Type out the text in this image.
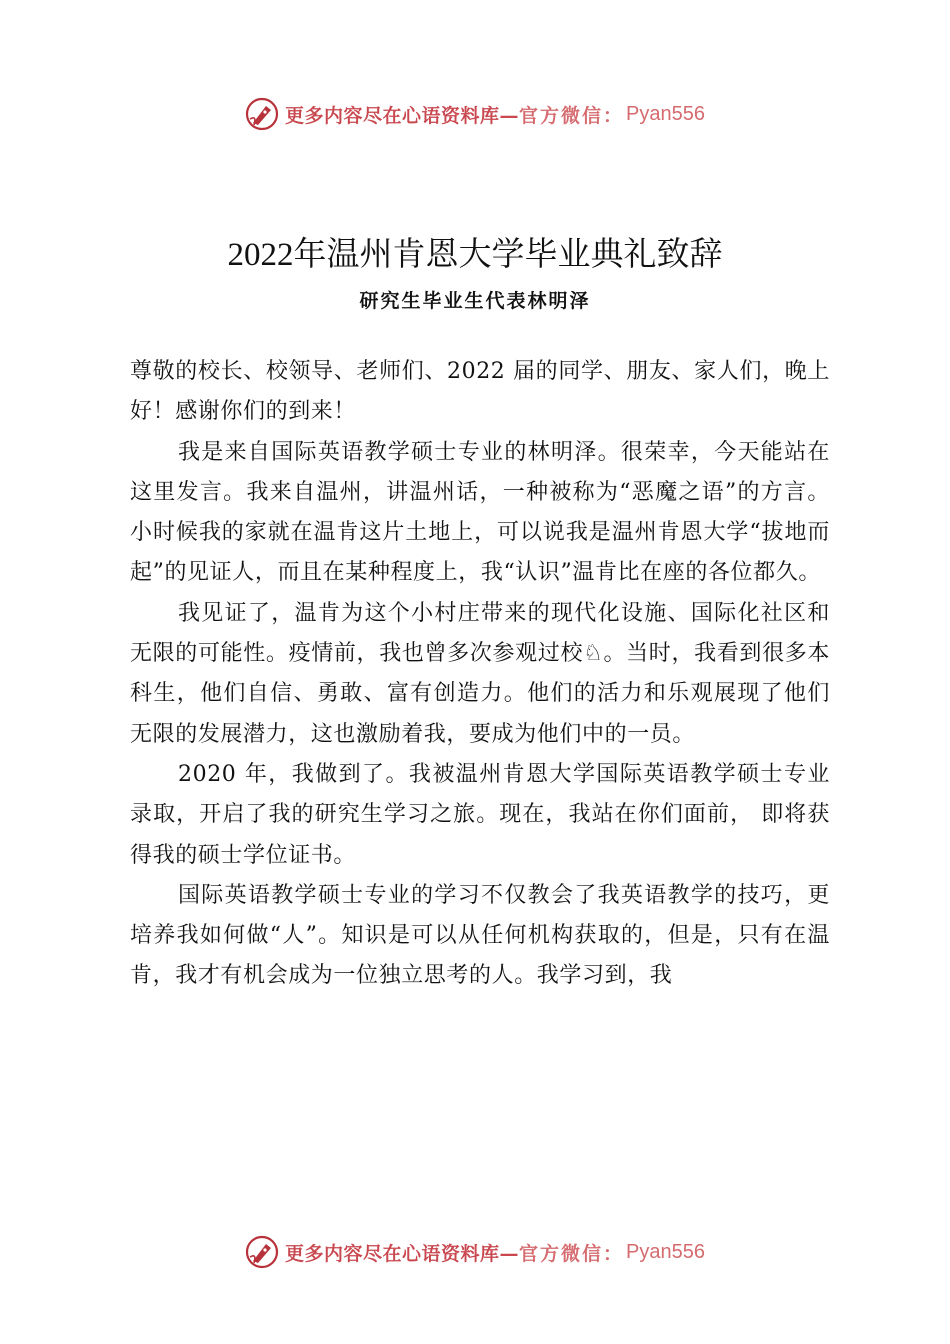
更多内容尽在心语资料库— 官方微信： Pyan556
2022年温州肯恩大学毕业典礼致辞
研究生毕业生代表林明泽

尊敬的校长、校领导、老师们、2022 届的同学、朋友、家人们，晚上好！感谢你们的到来！

我是来自国际英语教学硕士专业的林明泽。很荣幸，今天能站在这里发言。我来自温州，讲温州话，一种被称为“恶魔之语”的方言。小时候我的家就在温肯这片土地上，可以说我是温州肯恩大学“拔地而起”的见证人，而且在某种程度上，我“认识”温肯比在座的各位都久。

我见证了，温肯为这个小村庄带来的现代化设施、国际化社区和无限的可能性。疫情前，我也曾多次参观过校♘。当时，我看到很多本科生，他们自信、勇敢、富有创造力。他们的活力和乐观展现了他们无限的发展潜力，这也激励着我，要成为他们中的一员。

2020 年，我做到了。我被温州肯恩大学国际英语教学硕士专业录取，开启了我的研究生学习之旅。现在，我站在你们面前， 即将获得我的硕士学位证书。

国际英语教学硕士专业的学习不仅教会了我英语教学的技巧，更培养我如何做“人”。知识是可以从任何机构获取的，但是，只有在温肯，我才有机会成为一位独立思考的人。我学习到，我

更多内容尽在心语资料库— 官方微信： Pyan556
